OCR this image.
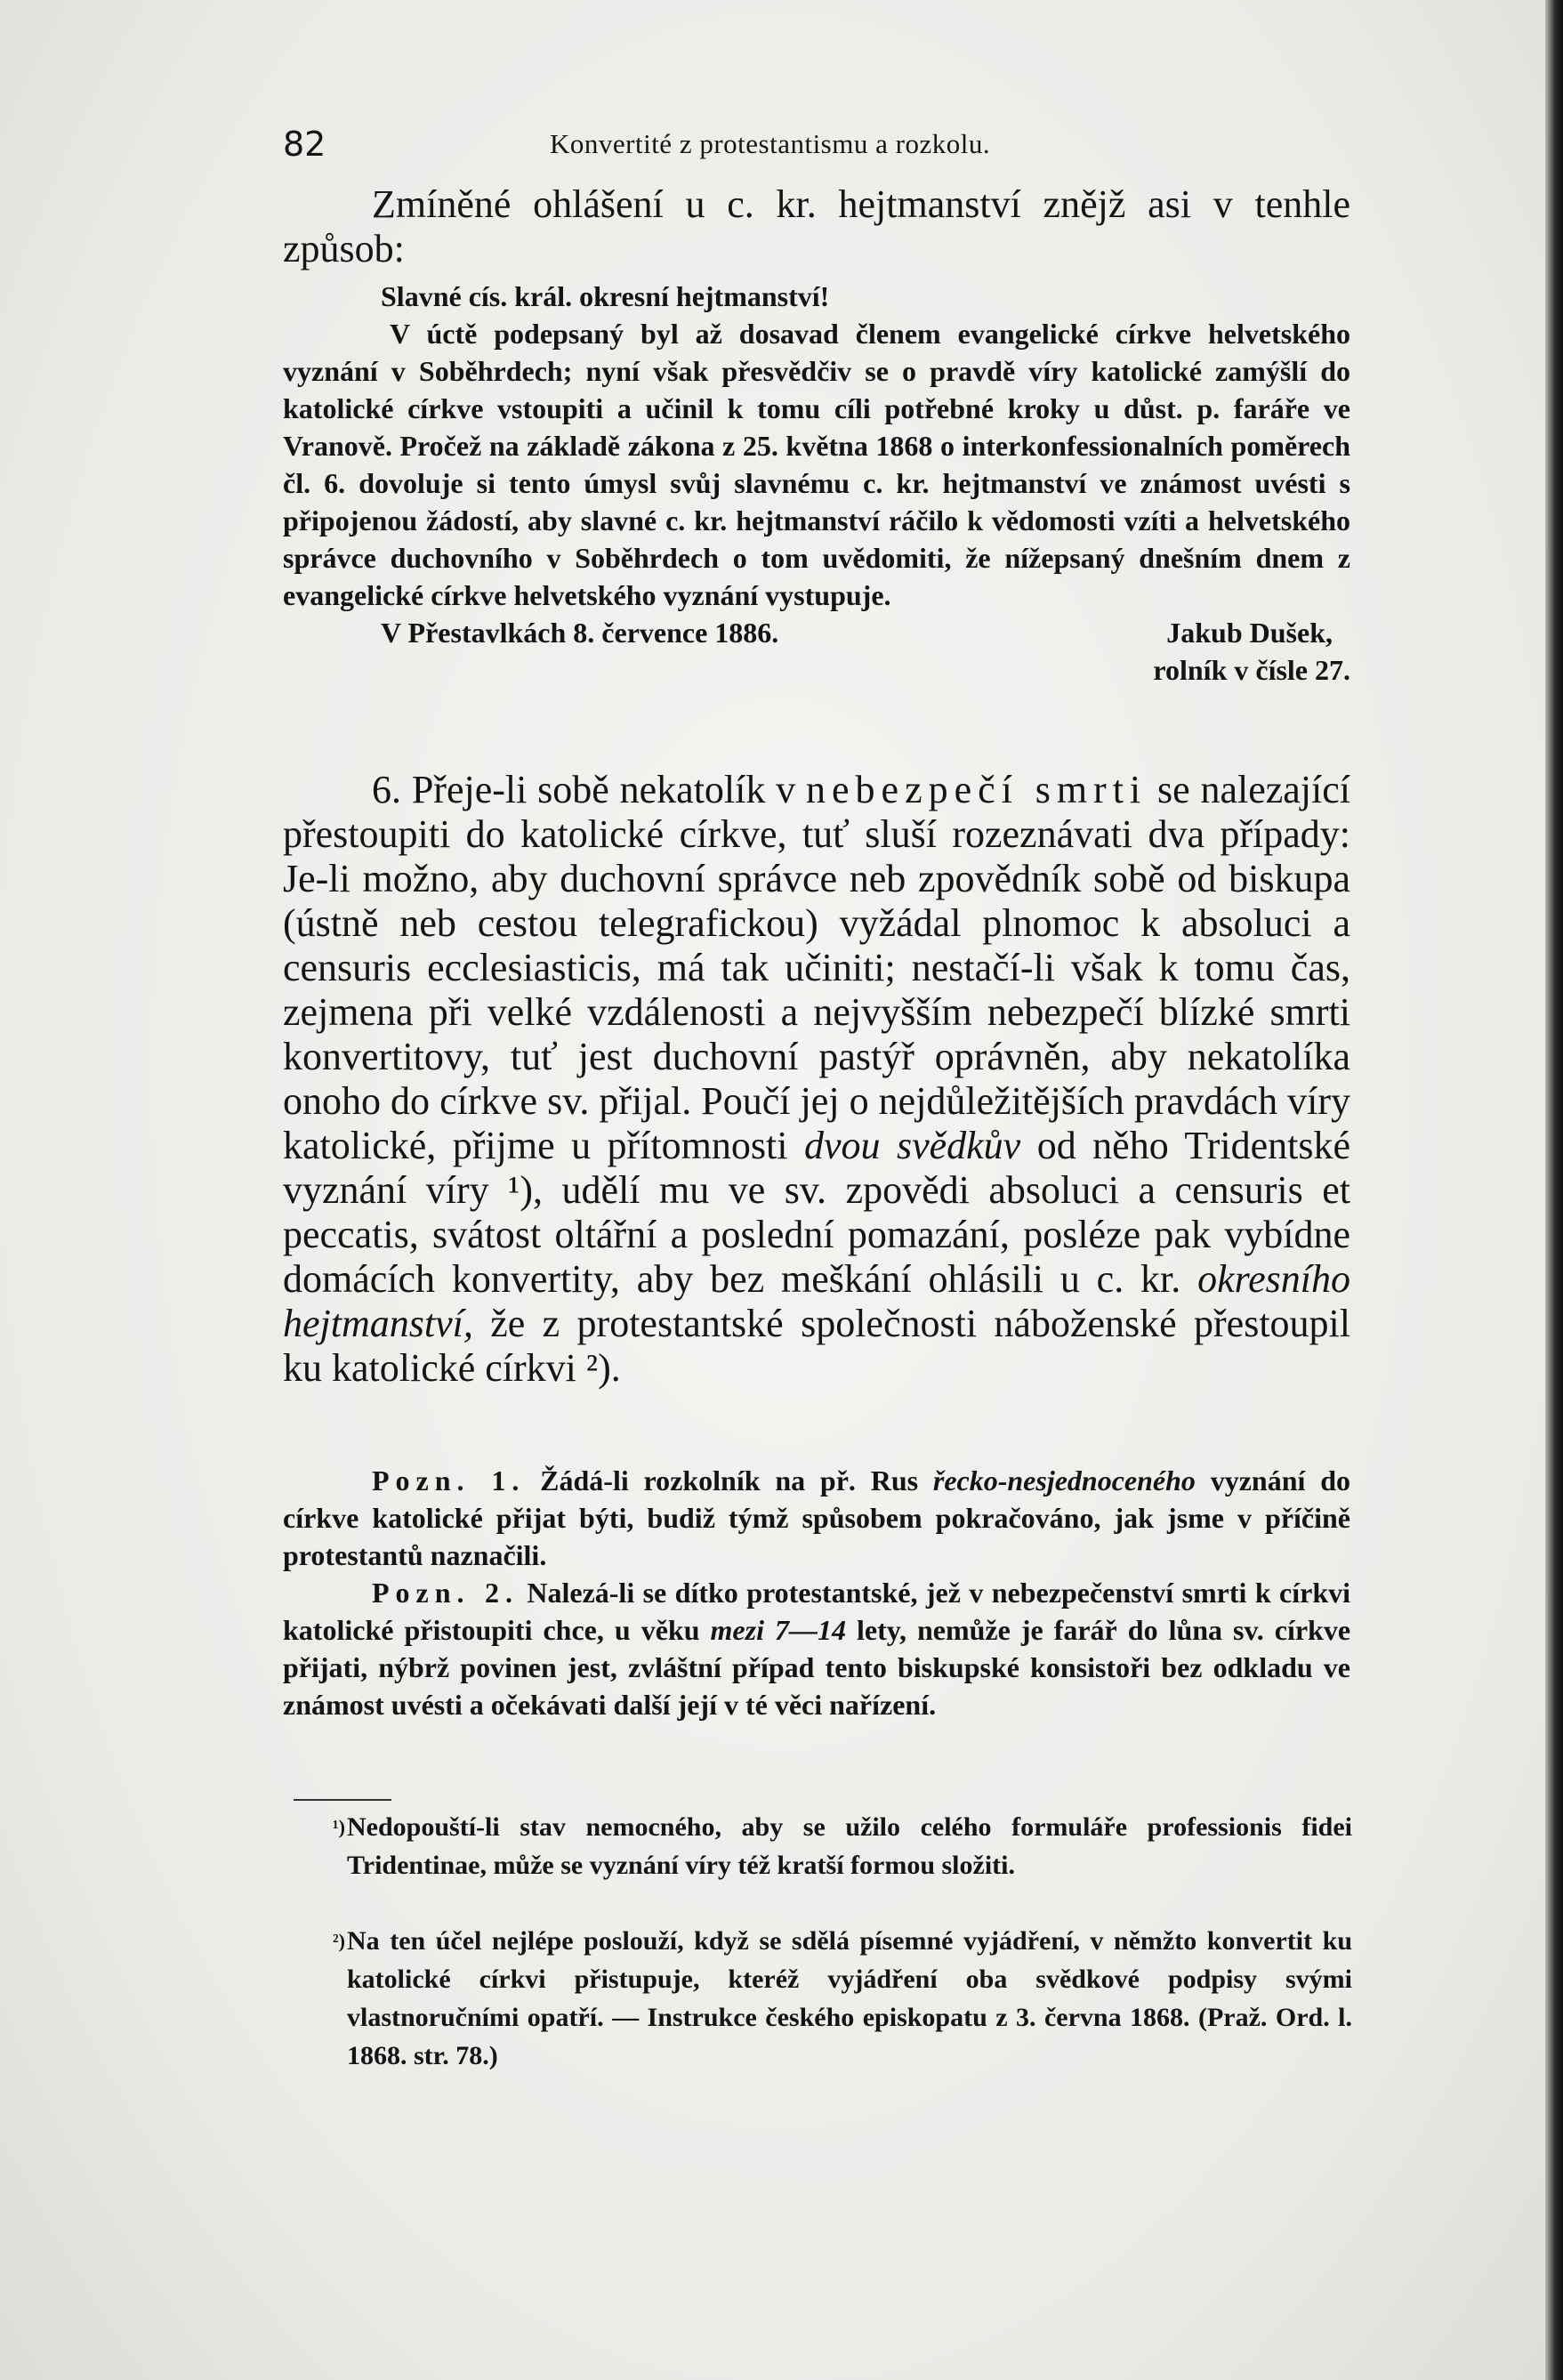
82	Konvertité z protestantismu a rozkolu.
Zmíněné ohlášení u c. kr. hejtmanství znějž asi v tenhle způsob:
Slavné cís. král. okresní hejtmanství!
V úctě podepsaný byl až dosavad členem evangelické církve helvetského vyznání v Soběhrdech; nyní však přesvědčiv se o pravdě víry katolické zamýšlí do katolické církve vstoupiti a učinil k tomu cíli potřebné kroky u důst. p. faráře ve Vranově. Pročež na základě zákona z 25. května 1868 o interkonfessionalních poměrech čl. 6. dovoluje si tento úmysl svůj slavnému c. kr. hejtmanství ve známost uvésti s připojenou žádostí, aby slavné c. kr. hejtmanství ráčilo k vědomosti vzíti a helvetského správce duchovního v Soběhrdech o tom uvědomiti, že nížepsaný dnešním dnem z evangelické církve helvetského vyznání vystupuje.
V Přestavlkách 8. července 1886.	Jakub Dušek,
rolník v čísle 27.
6. Přeje-li sobě nekatolík v nebezpečí smrti se nalezající přestoupiti do katolické církve, tuť sluší rozeznávati dva případy: Je-li možno, aby duchovní správce neb zpovědník sobě od biskupa (ústně neb cestou telegrafickou) vyžádal plnomoc k absoluci a censuris ecclesiasticis, má tak učiniti; nestačí-li však k tomu čas, zejmena při velké vzdálenosti a nejvyšším nebezpečí blízké smrti konvertitovy, tuť jest duchovní pastýř oprávněn, aby nekatolíka onoho do církve sv. přijal. Poučí jej o nejdůležitějších pravdách víry katolické, přijme u přítomnosti dvou svědkův od něho Tridentské vyznání víry ¹), udělí mu ve sv. zpovědi absoluci a censuris et peccatis, svátost oltářní a poslední pomazání, posléze pak vybídne domácích konvertity, aby bez meškání ohlásili u c. kr. okresního hejtmanství, že z protestantské společnosti náboženské přestoupil ku katolické církvi ²).
Pozn. 1. Žádá-li rozkolník na př. Rus řecko-nesjednoceného vyznání do církve katolické přijat býti, budiž týmž spůsobem pokračováno, jak jsme v příčině protestantů naznačili.
Pozn. 2. Nalezá-li se dítko protestantské, jež v nebezpečenství smrti k církvi katolické přistoupiti chce, u věku mezi 7—14 lety, nemůže je farář do lůna sv. církve přijati, nýbrž povinen jest, zvláštní případ tento biskupské konsistoři bez odkladu ve známost uvésti a očekávati další její v té věci nařízení.
¹) Nedopouští-li stav nemocného, aby se užilo celého formuláře professionis fidei Tridentinae, může se vyznání víry též kratší formou složiti.
²) Na ten účel nejlépe poslouží, když se sdělá písemné vyjádření, v němžto konvertit ku katolické církvi přistupuje, kteréž vyjádření oba svědkové podpisy svými vlastnoručními opatří. — Instrukce českého episkopatu z 3. června 1868. (Praž. Ord. l. 1868. str. 78.)
